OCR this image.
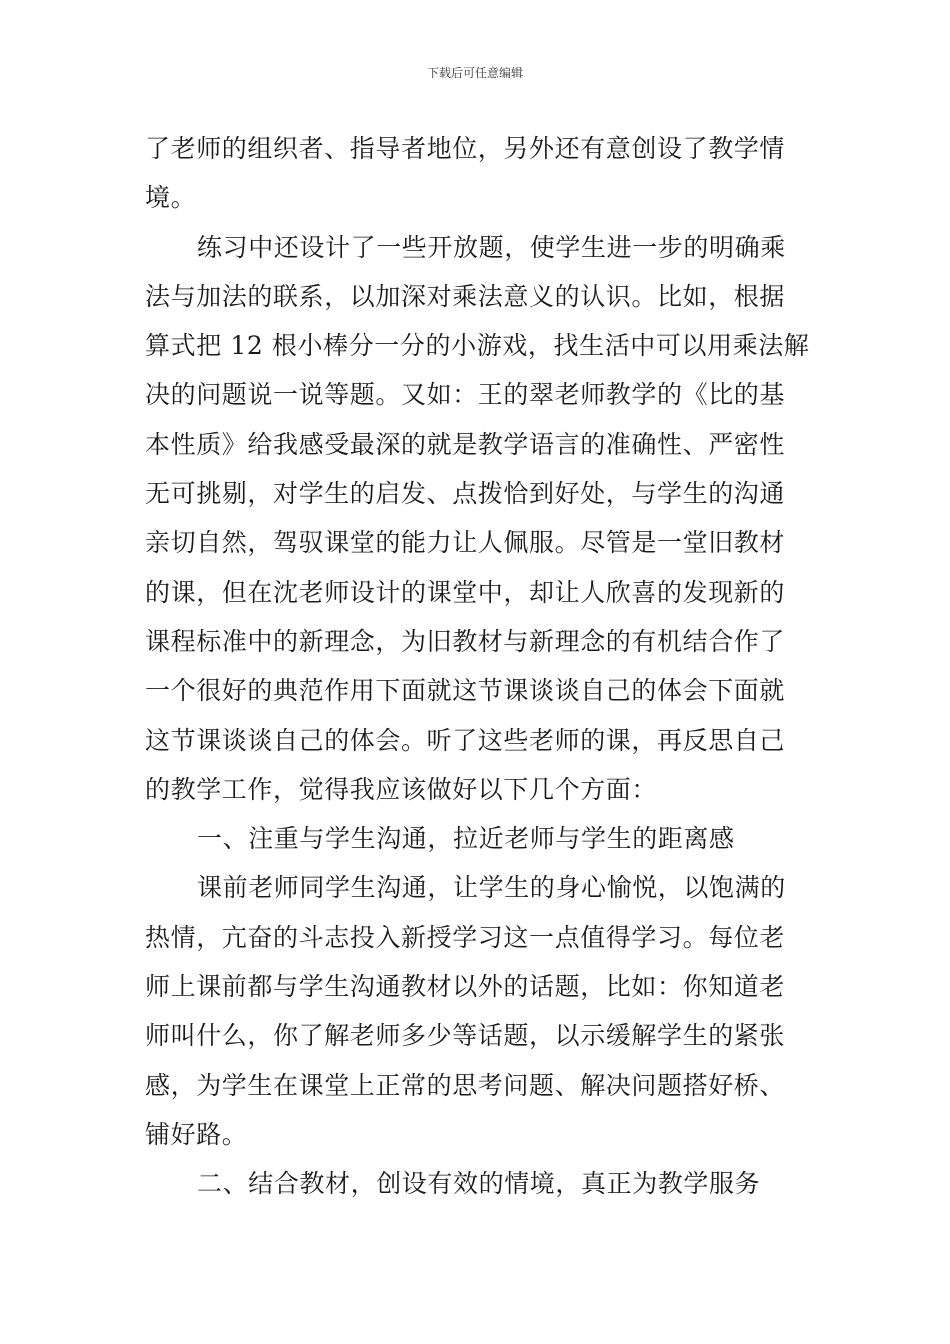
下载后可任意编辑
了老师的组织者、指导者地位，另外还有意创设了教学情
境。
练习中还设计了一些开放题，使学生进一步的明确乘
法与加法的联系，以加深对乘法意义的认识。比如，根据
算式把 12 根小棒分一分的小游戏，找生活中可以用乘法解
决的问题说一说等题。又如：王的翠老师教学的《比的基
本性质》给我感受最深的就是教学语言的准确性、严密性
无可挑剔，对学生的启发、点拨恰到好处，与学生的沟通
亲切自然，驾驭课堂的能力让人佩服。尽管是一堂旧教材
的课，但在沈老师设计的课堂中，却让人欣喜的发现新的
课程标准中的新理念，为旧教材与新理念的有机结合作了
一个很好的典范作用下面就这节课谈谈自己的体会下面就
这节课谈谈自己的体会。听了这些老师的课，再反思自己
的教学工作，觉得我应该做好以下几个方面：
一、注重与学生沟通，拉近老师与学生的距离感
课前老师同学生沟通，让学生的身心愉悦，以饱满的
热情，亢奋的斗志投入新授学习这一点值得学习。每位老
师上课前都与学生沟通教材以外的话题，比如：你知道老
师叫什么，你了解老师多少等话题，以示缓解学生的紧张
感，为学生在课堂上正常的思考问题、解决问题搭好桥、
铺好路。
二、结合教材，创设有效的情境，真正为教学服务
